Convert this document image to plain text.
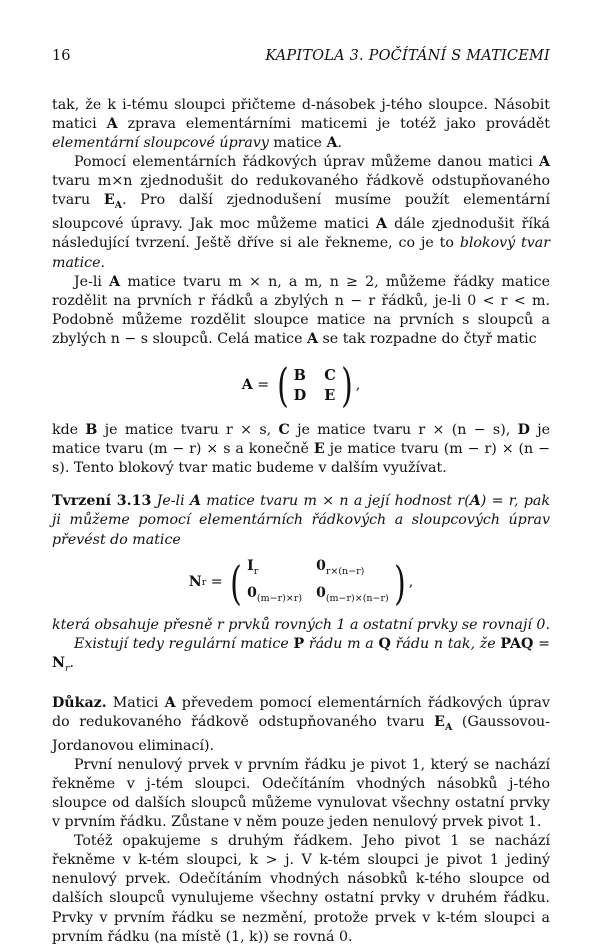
16	KAPITOLA 3. POČÍTÁNÍ S MATICEMI

tak, že k i-tému sloupci přičteme d-násobek j-tého sloupce. Násobit matici A zprava elementárními maticemi je totéž jako provádět elementární sloupcové úpravy matice A.

Pomocí elementárních řádkových úprav můžeme danou matici A tvaru m×n zjednodušit do redukovaného řádkově odstupňovaného tvaru $E_A$. Pro další zjednodušení musíme použít elementární sloupcové úpravy. Jak moc můžeme matici A dále zjednodušit říká následující tvrzení. Ještě dříve si ale řekneme, co je to blokový tvar matice.

Je-li A matice tvaru m × n, a m, n ≥ 2, můžeme řádky matice rozdělit na prvních r řádků a zbylých n − r řádků, je-li 0 < r < m. Podobně můžeme rozdělit sloupce matice na prvních s sloupců a zbylých n − s sloupců. Celá matice A se tak rozpadne do čtyř matic

A = ( B C
D E ) ,

kde B je matice tvaru r × s, C je matice tvaru r × (n − s), D je matice tvaru (m − r) × s a konečně E je matice tvaru (m − r) × (n − s). Tento blokový tvar matic budeme v dalším využívat.

Tvrzení 3.13 Je-li A matice tvaru m × n a její hodnost r(A) = r, pak ji můžeme pomocí elementárních řádkových a sloupcových úprav převést do matice

N r = ( $I_r$	$0_{r\times(n-r)}$
$0_{(m-r)\times r)}$ $0_{(m-r)\times(n-r)}$ ) ,

která obsahuje přesně r prvků rovných 1 a ostatní prvky se rovnají 0.

Existují tedy regulární matice P řádu m a Q řádu n tak, že PAQ = $N_r$.

Důkaz. Matici A převedem pomocí elementárních řádkových úprav do redukovaného řádkově odstupňovaného tvaru $E_A$ (Gaussovou-Jordanovou eliminací).

První nenulový prvek v prvním řádku je pivot 1, který se nachází řekněme v j-tém sloupci. Odečítáním vhodných násobků j-tého sloupce od dalších sloupců můžeme vynulovat všechny ostatní prvky v prvním řádku. Zůstane v něm pouze jeden nenulový prvek pivot 1.

Totéž opakujeme s druhým řádkem. Jeho pivot 1 se nachází řekněme v k-tém sloupci, k > j. V k-tém sloupci je pivot 1 jediný nenulový prvek. Odečítáním vhodných násobků k-tého sloupce od dalších sloupců vynulujeme všechny ostatní prvky v druhém řádku. Prvky v prvním řádku se nezmění, protože prvek v k-tém sloupci a prvním řádku (na místě (1, k)) se rovná 0.
